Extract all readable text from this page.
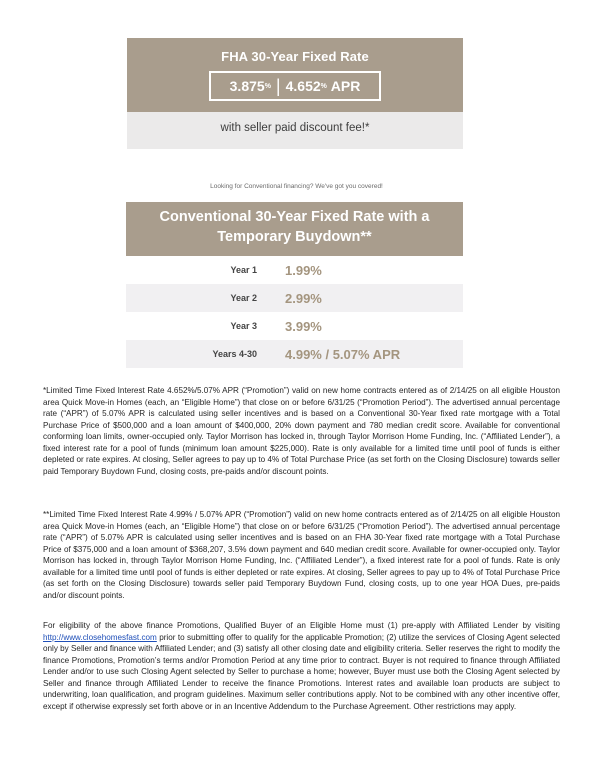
FHA 30-Year Fixed Rate
3.875 % | 4.652 %
APR
with seller paid discount fee!*
Looking for Conventional financing? We've got you covered!
Conventional 30-Year Fixed Rate with a
Temporary Buydown**
Year 1 1.99%
Year 2 2.99%
Year 3 3.99%
Years 4-30 4.99% / 5.07% APR
*Limited Time Fixed Interest Rate 4.652%/5.07% APR (“Promotion”) valid on new home contracts entered as of 2/14/25 on all eligible Houston area Quick Move-in Homes (each, an “Eligible Home”) that close on or before 6/31/25 (“Promotion Period”). The advertised annual percentage rate (“APR”) of 5.07% APR is calculated using seller incentives and is based on a Conventional 30-Year fixed rate mortgage with a Total Purchase Price of $500,000 and a loan amount of $400,000, 20% down payment and 780 median credit score. Available for conventional conforming loan limits, owner-occupied only. Taylor Morrison has locked in, through Taylor Morrison Home Funding, Inc. (“Affiliated Lender”), a fixed interest rate for a pool of funds (minimum loan amount $225,000). Rate is only available for a limited time until pool of funds is either depleted or rate expires. At closing, Seller agrees to pay up to 4% of Total Purchase Price (as set forth on the Closing Disclosure) towards seller paid Temporary Buydown Fund, closing costs, pre-paids and/or discount points.
**Limited Time Fixed Interest Rate 4.99% / 5.07% APR (“Promotion”) valid on new home contracts entered as of 2/14/25 on all eligible Houston area Quick Move-in Homes (each, an “Eligible Home”) that close on or before 6/31/25 (“Promotion Period”). The advertised annual percentage rate (“APR”) of 5.07% APR is calculated using seller incentives and is based on an FHA 30-Year fixed rate mortgage with a Total Purchase Price of $375,000 and a loan amount of $368,207, 3.5% down payment and 640 median credit score. Available for owner-occupied only. Taylor Morrison has locked in, through Taylor Morrison Home Funding, Inc. (“Affiliated Lender”), a fixed interest rate for a pool of funds. Rate is only available for a limited time until pool of funds is either depleted or rate expires. At closing, Seller agrees to pay up to 4% of Total Purchase Price (as set forth on the Closing Disclosure) towards seller paid Temporary Buydown Fund, closing costs, up to one year HOA Dues, pre-paids and/or discount points.
For eligibility of the above finance Promotions, Qualified Buyer of an Eligible Home must (1) pre-apply with Affiliated Lender by visiting http://www.closehomesfast.com prior to submitting offer to qualify for the applicable Promotion; (2) utilize the services of Closing Agent selected only by Seller and finance with Affiliated Lender; and (3) satisfy all other closing date and eligibility criteria. Seller reserves the right to modify the finance Promotions, Promotion’s terms and/or Promotion Period at any time prior to contract. Buyer is not required to finance through Affiliated Lender and/or to use such Closing Agent selected by Seller to purchase a home; however, Buyer must use both the Closing Agent selected by Seller and finance through Affiliated Lender to receive the finance Promotions. Interest rates and available loan products are subject to underwriting, loan qualification, and program guidelines. Maximum seller contributions apply. Not to be combined with any other incentive offer, except if otherwise expressly set forth above or in an Incentive Addendum to the Purchase Agreement. Other restrictions may apply.
